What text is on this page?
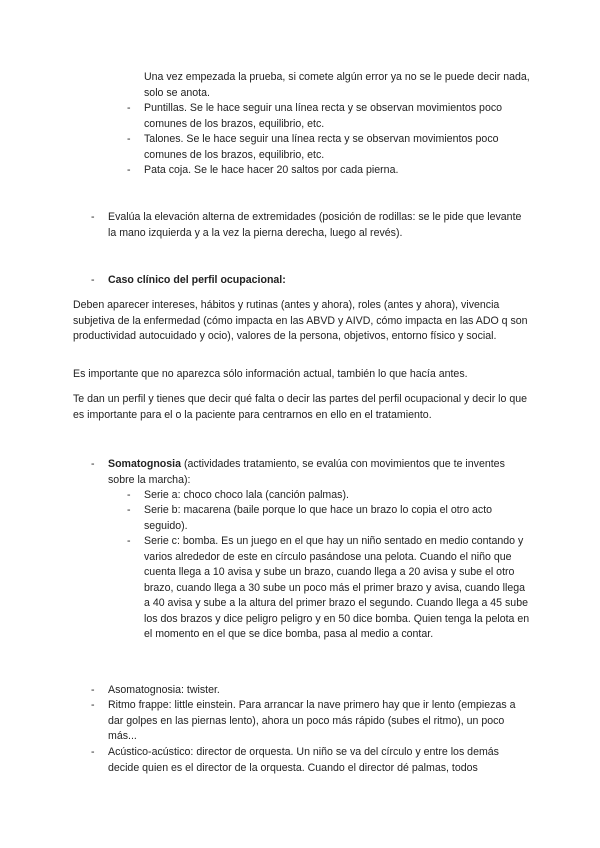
Una vez empezada la prueba, si comete algún error ya no se le puede decir nada, solo se anota.
-	Puntillas. Se le hace seguir una línea recta y se observan movimientos poco comunes de los brazos, equilibrio, etc.
-	Talones. Se le hace seguir una línea recta y se observan movimientos poco comunes de los brazos, equilibrio, etc.
-	Pata coja. Se le hace hacer 20 saltos por cada pierna.
-	Evalúa la elevación alterna de extremidades (posición de rodillas: se le pide que levante la mano izquierda y a la vez la pierna derecha, luego al revés).
-	Caso clínico del perfil ocupacional:

Deben aparecer intereses, hábitos y rutinas (antes y ahora), roles (antes y ahora), vivencia subjetiva de la enfermedad (cómo impacta en las ABVD y AIVD, cómo impacta en las ADO q son productividad autocuidado y ocio), valores de la persona, objetivos, entorno físico y social.

Es importante que no aparezca sólo información actual, también lo que hacía antes.

Te dan un perfil y tienes que decir qué falta o decir las partes del perfil ocupacional y decir lo que es importante para el o la paciente para centrarnos en ello en el tratamiento.

-	Somatognosia (actividades tratamiento, se evalúa con movimientos que te inventes sobre la marcha):
-	Serie a: choco choco lala (canción palmas).
-	Serie b: macarena (baile porque lo que hace un brazo lo copia el otro acto seguido).
-	Serie c: bomba. Es un juego en el que hay un niño sentado en medio contando y varios alrededor de este en círculo pasándose una pelota. Cuando el niño que cuenta llega a 10 avisa y sube un brazo, cuando llega a 20 avisa y sube el otro brazo, cuando llega a 30 sube un poco más el primer brazo y avisa, cuando llega a 40 avisa y sube a la altura del primer brazo el segundo. Cuando llega a 45 sube los dos brazos y dice peligro peligro y en 50 dice bomba. Quien tenga la pelota en el momento en el que se dice bomba, pasa al medio a contar.
-	Asomatognosia: twister.
-	Ritmo frappe: little einstein. Para arrancar la nave primero hay que ir lento (empiezas a dar golpes en las piernas lento), ahora un poco más rápido (subes el ritmo), un poco más...
-	Acústico-acústico: director de orquesta. Un niño se va del círculo y entre los demás decide quien es el director de la orquesta. Cuando el director dé palmas, todos
